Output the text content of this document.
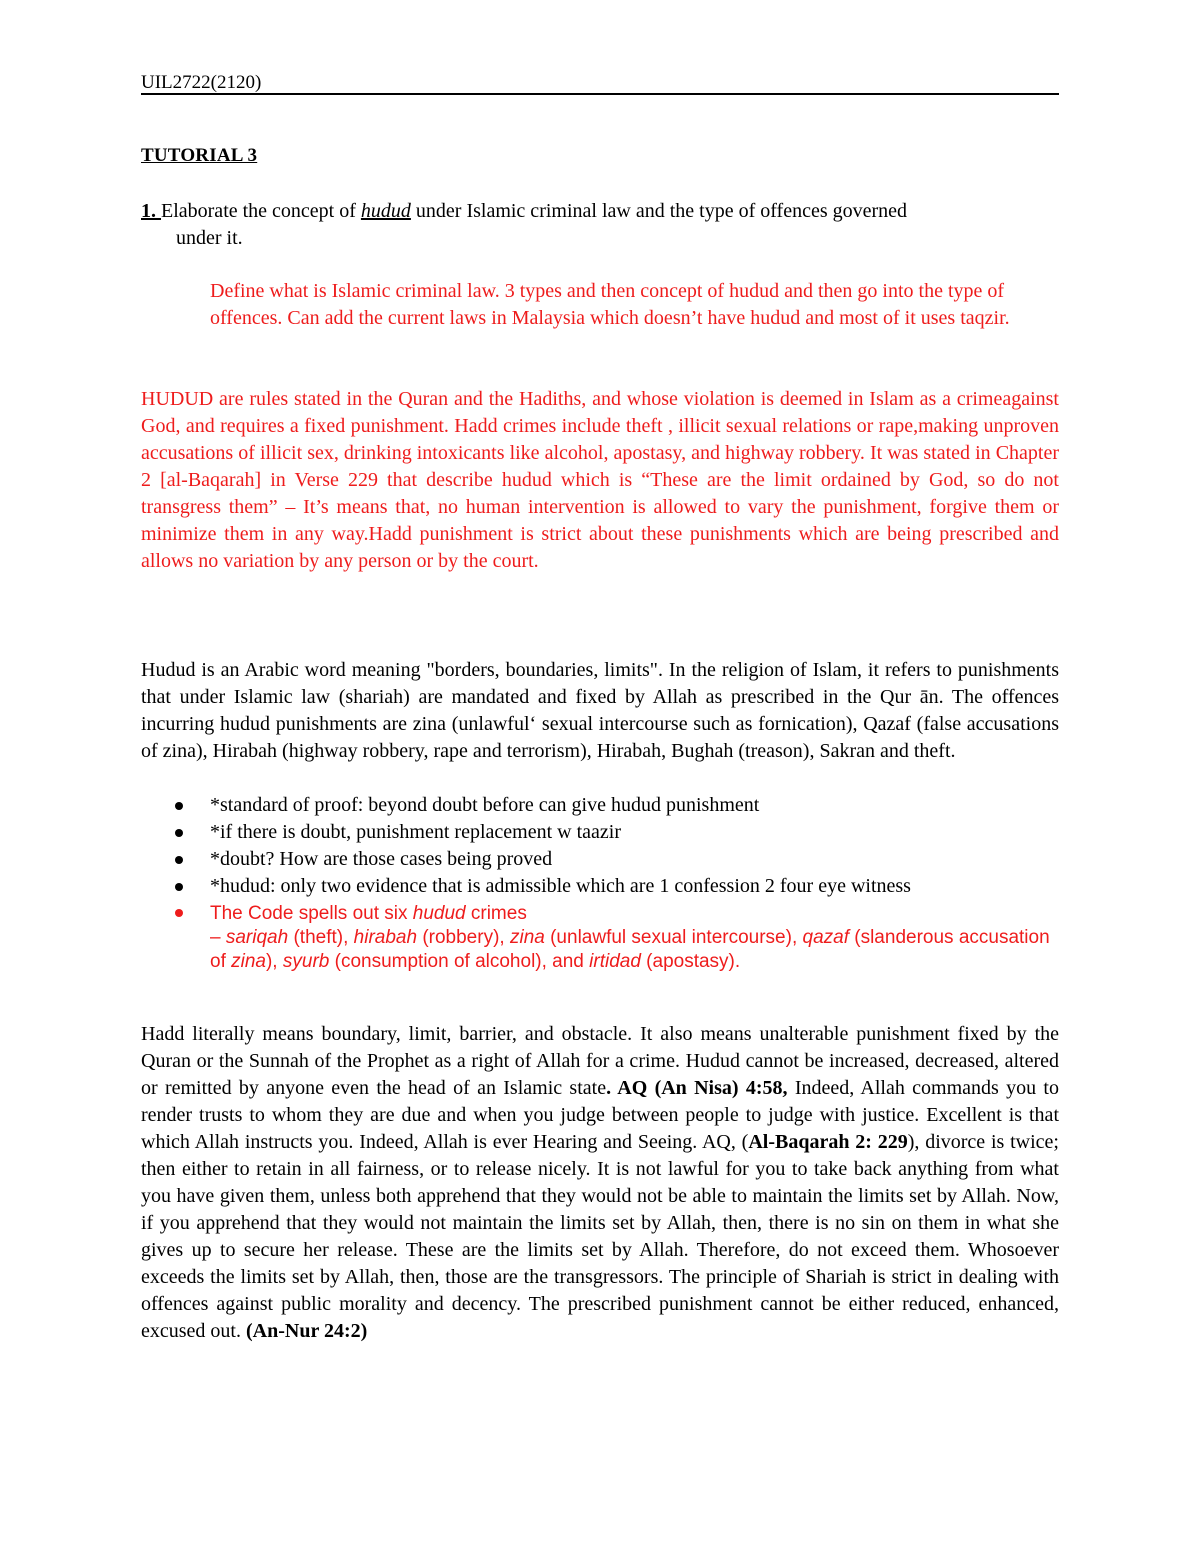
UIL2722(2120)
TUTORIAL 3
1. Elaborate the concept of hudud under Islamic criminal law and the type of offences governed
under it.
Define what is Islamic criminal law. 3 types and then concept of hudud and then go into the type of offences. Can add the current laws in Malaysia which doesn’t have hudud and most of it uses taqzir.
HUDUD are rules stated in the Quran and the Hadiths, and whose violation is deemed in Islam as a crimeagainst God, and requires a fixed punishment. Hadd crimes include theft , illicit sexual relations or rape,making unproven accusations of illicit sex, drinking intoxicants like alcohol, apostasy, and highway robbery. It was stated in Chapter 2 [al-Baqarah] in Verse 229 that describe hudud which is “These are the limit ordained by God, so do not transgress them” – It’s means that, no human intervention is allowed to vary the punishment, forgive them or minimize them in any way.Hadd punishment is strict about these punishments which are being prescribed and allows no variation by any person or by the court.
Hudud is an Arabic word meaning "borders, boundaries, limits". In the religion of Islam, it refers to punishments that under Islamic law (shariah) are mandated and fixed by Allah as prescribed in the Qur ān. The offences incurring hudud punishments are zina (unlawful‘ sexual intercourse such as fornication), Qazaf (false accusations of zina), Hirabah (highway robbery, rape and terrorism), Hirabah, Bughah (treason), Sakran and theft.
*standard of proof: beyond doubt before can give hudud punishment
*if there is doubt, punishment replacement w taazir
*doubt? How are those cases being proved
*hudud: only two evidence that is admissible which are 1 confession 2 four eye witness
The Code spells out six hudud crimes
– sariqah (theft), hirabah (robbery), zina (unlawful sexual intercourse), qazaf (slanderous accusation of zina), syurb (consumption of alcohol), and irtidad (apostasy).
Hadd literally means boundary, limit, barrier, and obstacle. It also means unalterable punishment fixed by the Quran or the Sunnah of the Prophet as a right of Allah for a crime. Hudud cannot be increased, decreased, altered or remitted by anyone even the head of an Islamic state. AQ (An Nisa) 4:58, Indeed, Allah commands you to render trusts to whom they are due and when you judge between people to judge with justice. Excellent is that which Allah instructs you. Indeed, Allah is ever Hearing and Seeing. AQ, (Al-Baqarah 2: 229), divorce is twice; then either to retain in all fairness, or to release nicely. It is not lawful for you to take back anything from what you have given them, unless both apprehend that they would not be able to maintain the limits set by Allah. Now, if you apprehend that they would not maintain the limits set by Allah, then, there is no sin on them in what she gives up to secure her release. These are the limits set by Allah. Therefore, do not exceed them. Whosoever exceeds the limits set by Allah, then, those are the transgressors. The principle of Shariah is strict in dealing with offences against public morality and decency. The prescribed punishment cannot be either reduced, enhanced, excused out. (An-Nur 24:2)
